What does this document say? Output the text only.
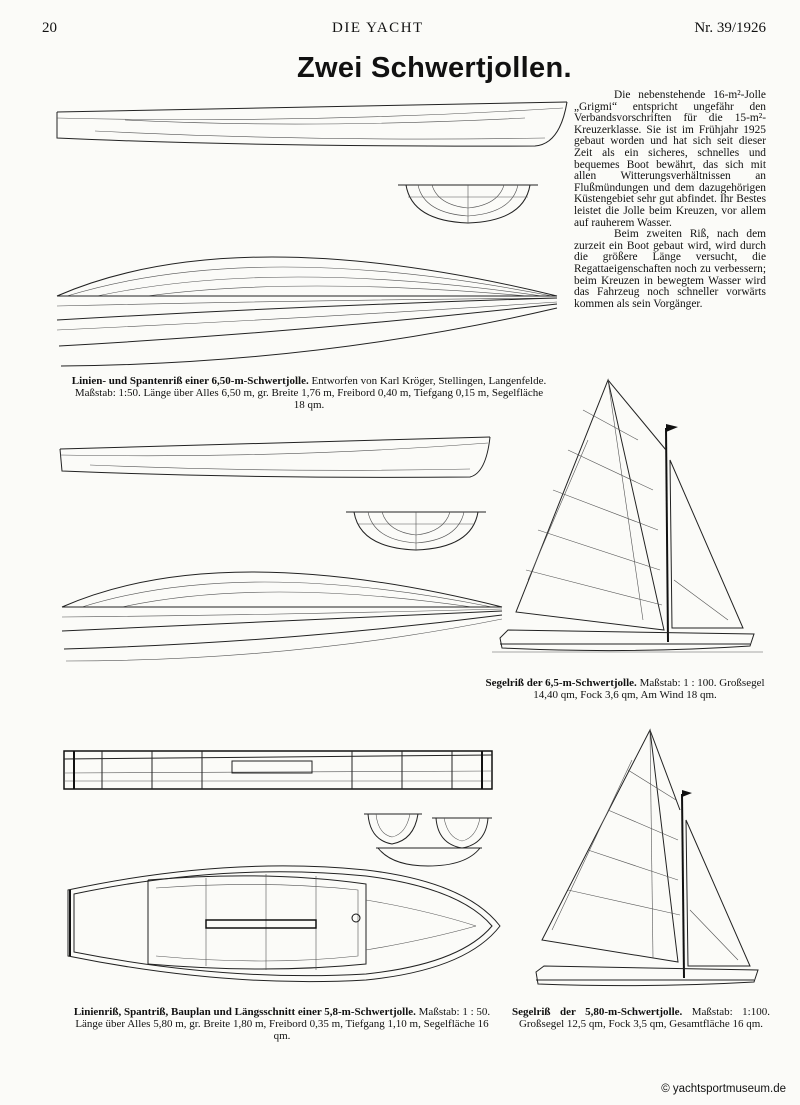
20	DIE YACHT	Nr. 39/1926
Zwei Schwertjollen.

Die nebenstehende 16-m²-Jolle „Grigmi“ entspricht ungefähr den Verbandsvorschriften für die 15-m²-Kreuzerklasse. Sie ist im Frühjahr 1925 gebaut worden und hat sich seit dieser Zeit als ein sicheres, schnelles und bequemes Boot bewährt, das sich mit allen Witterungsverhältnissen an Flußmündungen und dem dazugehörigen Küstengebiet sehr gut abfindet. Ihr Bestes leistet die Jolle beim Kreuzen, vor allem auf rauherem Wasser.

Beim zweiten Riß, nach dem zurzeit ein Boot gebaut wird, wird durch die größere Länge versucht, die Regattaeigenschaften noch zu verbessern; beim Kreuzen in bewegtem Wasser wird das Fahrzeug noch schneller vorwärts kommen als sein Vorgänger.

Linien- und Spantenriß einer 6,50-m-Schwertjolle. Entworfen von Karl Kröger, Stellingen, Langenfelde. Maßstab: 1:50. Länge über Alles 6,50 m, gr. Breite 1,76 m, Freibord 0,40 m, Tiefgang 0,15 m, Segelfläche 18 qm.
Segelriß der 6,5-m-Schwertjolle. Maßstab: 1 : 100. Großsegel 14,40 qm, Fock 3,6 qm, Am Wind 18 qm.
Linienriß, Spantriß, Bauplan und Längsschnitt einer 5,8-m-Schwertjolle. Maßstab: 1 : 50. Länge über Alles 5,80 m, gr. Breite 1,80 m, Freibord 0,35 m, Tiefgang 1,10 m, Segelfläche 16 qm.
Segelriß der 5,80-m-Schwertjolle. Maßstab: 1:100. Großsegel 12,5 qm, Fock 3,5 qm, Gesamtfläche 16 qm.
© yachtsportmuseum.de
